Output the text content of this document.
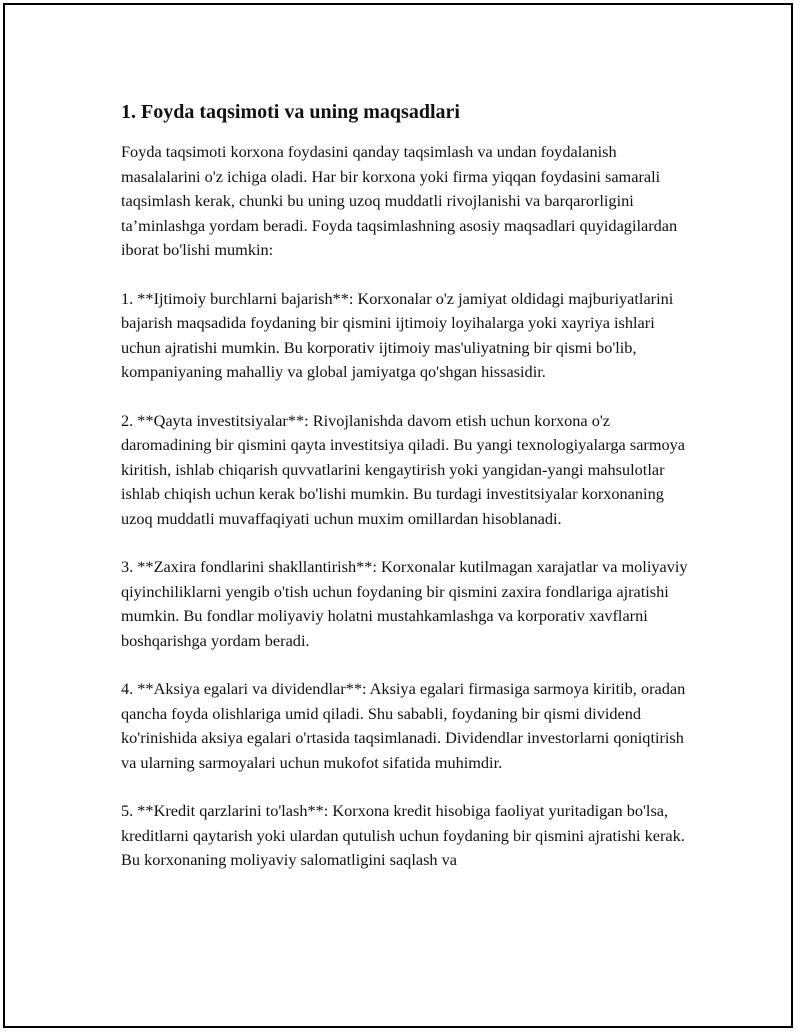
1. Foyda taqsimoti va uning maqsadlari

Foyda taqsimoti korxona foydasini qanday taqsimlash va undan foydalanish masalalarini o'z ichiga oladi. Har bir korxona yoki firma yiqqan foydasini samarali taqsimlash kerak, chunki bu uning uzoq muddatli rivojlanishi va barqarorligini ta’minlashga yordam beradi. Foyda taqsimlashning asosiy maqsadlari quyidagilardan iborat bo'lishi mumkin:

1. **Ijtimoiy burchlarni bajarish**: Korxonalar o'z jamiyat oldidagi majburiyatlarini bajarish maqsadida foydaning bir qismini ijtimoiy loyihalarga yoki xayriya ishlari uchun ajratishi mumkin. Bu korporativ ijtimoiy mas'uliyatning bir qismi bo'lib, kompaniyaning mahalliy va global jamiyatga qo'shgan hissasidir.

2. **Qayta investitsiyalar**: Rivojlanishda davom etish uchun korxona o'z daromadining bir qismini qayta investitsiya qiladi. Bu yangi texnologiyalarga sarmoya kiritish, ishlab chiqarish quvvatlarini kengaytirish yoki yangidan-yangi mahsulotlar ishlab chiqish uchun kerak bo'lishi mumkin. Bu turdagi investitsiyalar korxonaning uzoq muddatli muvaffaqiyati uchun muxim omillardan hisoblanadi.

3. **Zaxira fondlarini shakllantirish**: Korxonalar kutilmagan xarajatlar va moliyaviy qiyinchiliklarni yengib o'tish uchun foydaning bir qismini zaxira fondlariga ajratishi mumkin. Bu fondlar moliyaviy holatni mustahkamlashga va korporativ xavflarni boshqarishga yordam beradi.

4. **Aksiya egalari va dividendlar**: Aksiya egalari firmasiga sarmoya kiritib, oradan qancha foyda olishlariga umid qiladi. Shu sababli, foydaning bir qismi dividend ko'rinishida aksiya egalari o'rtasida taqsimlanadi. Dividendlar investorlarni qoniqtirish va ularning sarmoyalari uchun mukofot sifatida muhimdir.

5. **Kredit qarzlarini to'lash**: Korxona kredit hisobiga faoliyat yuritadigan bo'lsa, kreditlarni qaytarish yoki ulardan qutulish uchun foydaning bir qismini ajratishi kerak. Bu korxonaning moliyaviy salomatligini saqlash va
